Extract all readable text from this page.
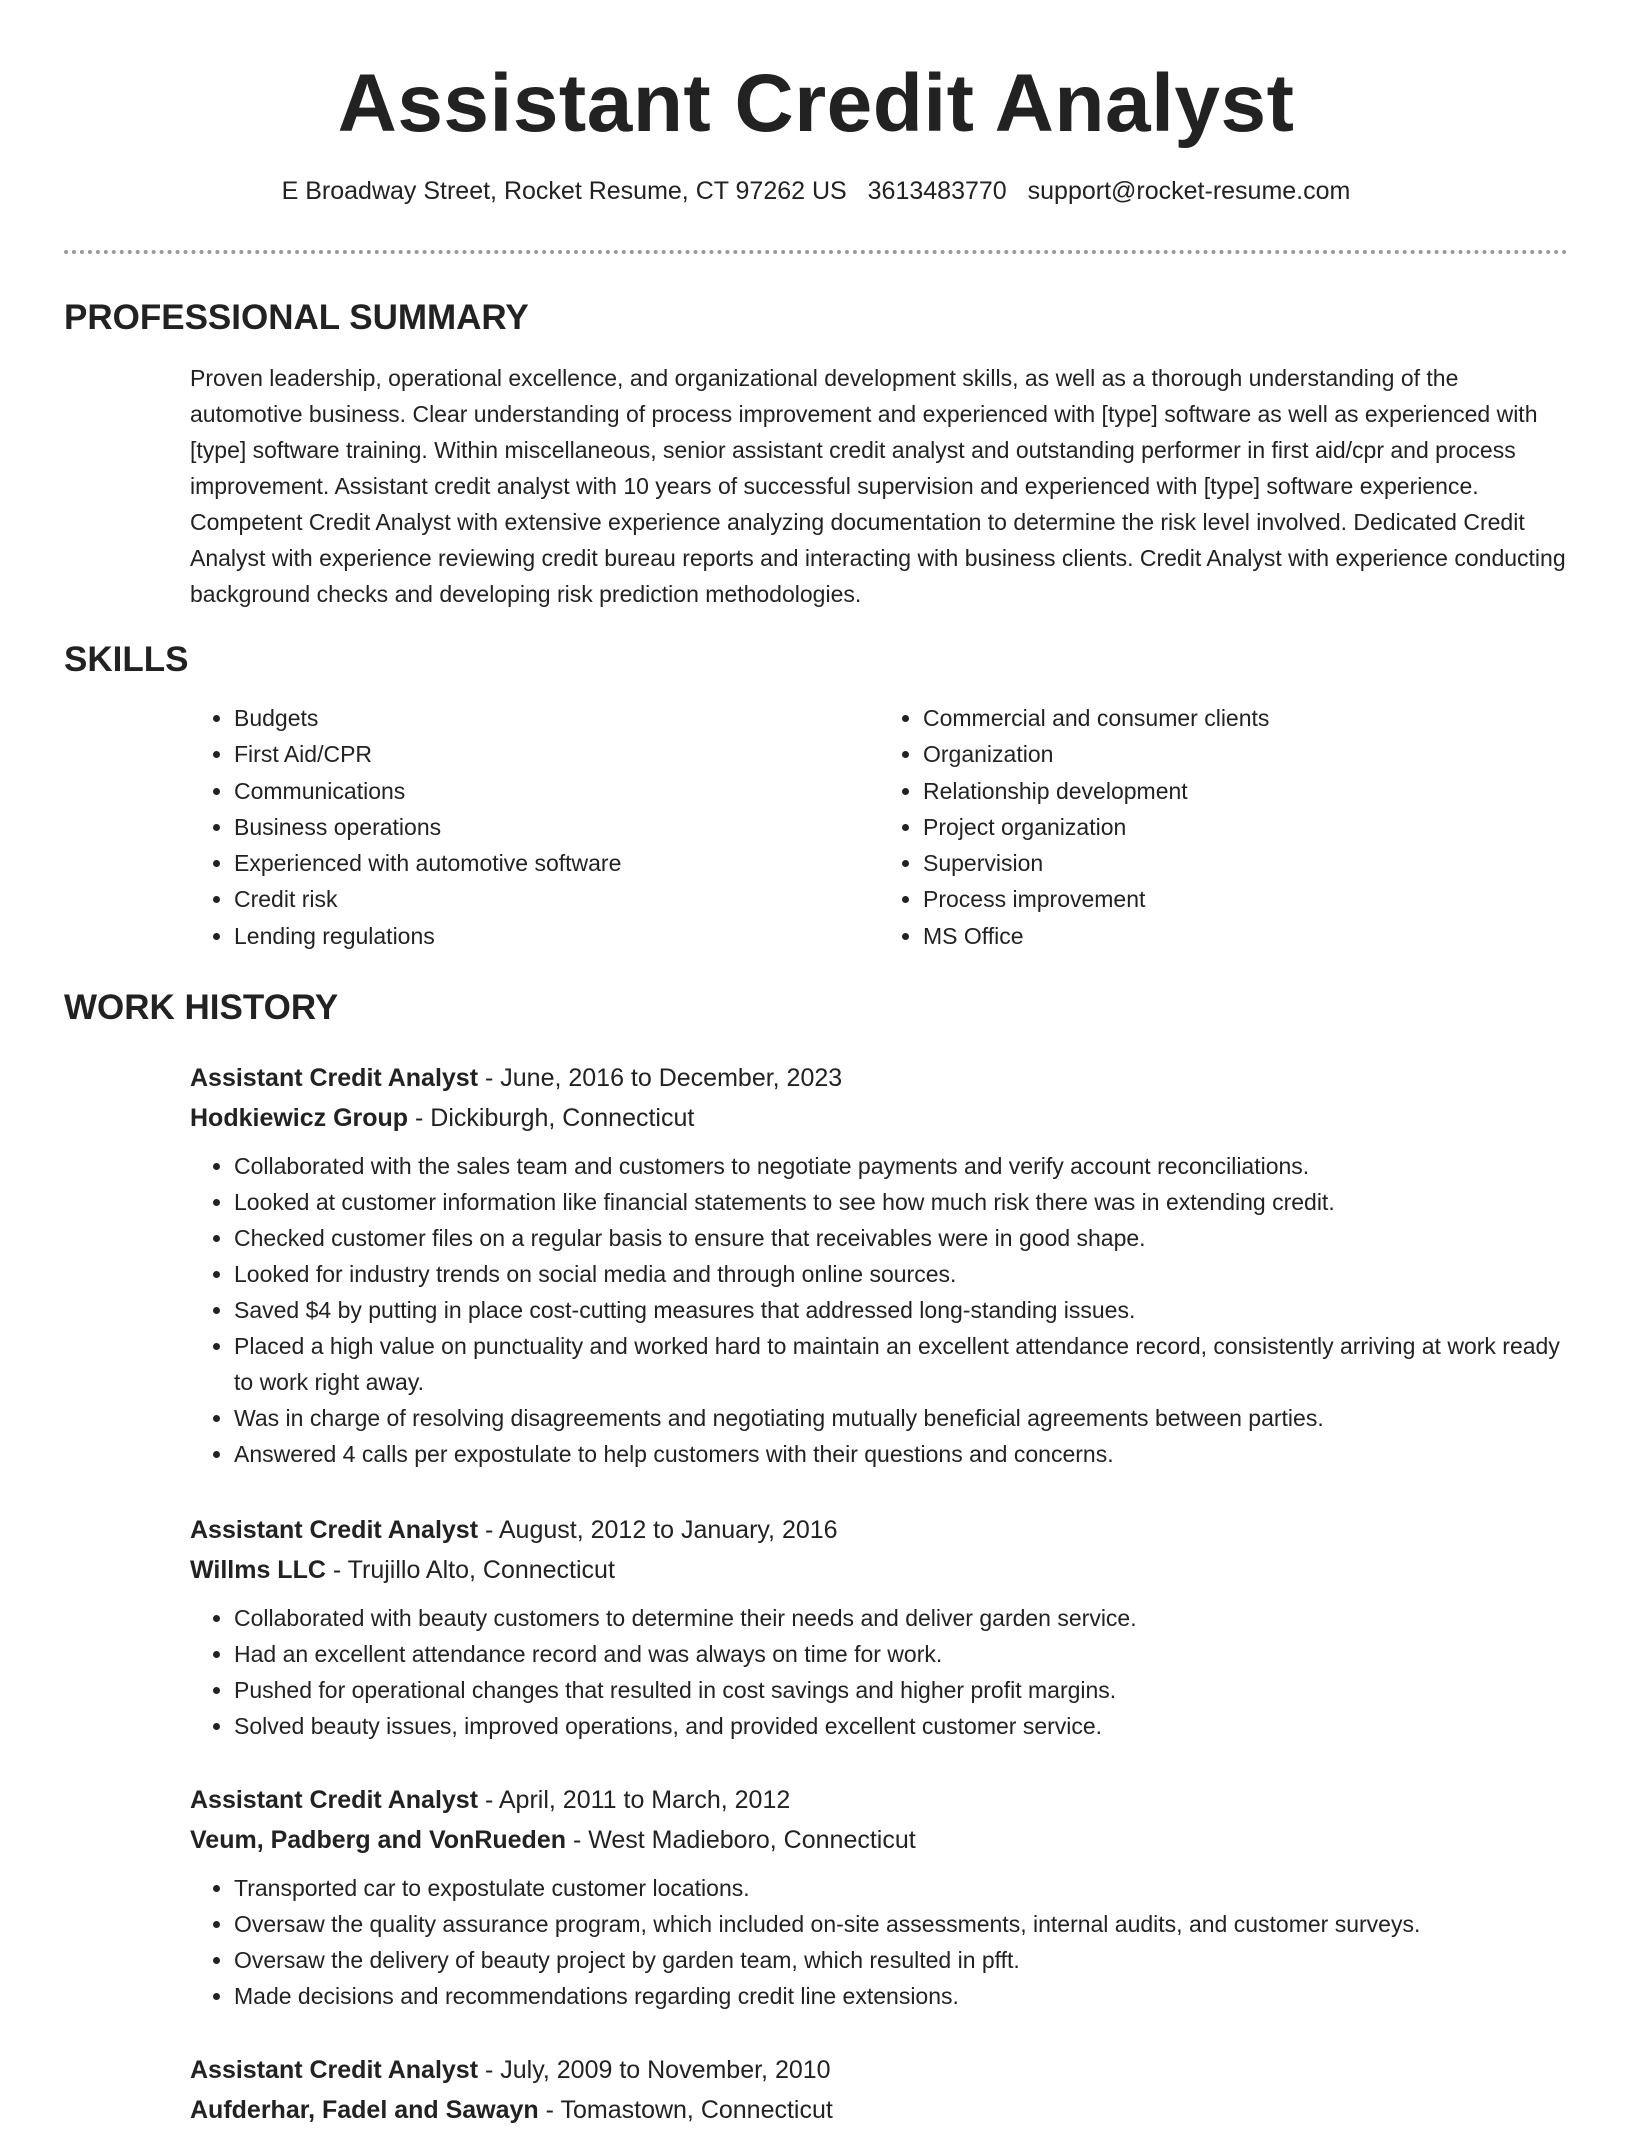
Assistant Credit Analyst
E Broadway Street, Rocket Resume, CT 97262 US 3613483770 support@rocket-resume.com
PROFESSIONAL SUMMARY

Proven leadership, operational excellence, and organizational development skills, as well as a thorough understanding of the automotive business. Clear understanding of process improvement and experienced with [type] software as well as experienced with [type] software training. Within miscellaneous, senior assistant credit analyst and outstanding performer in first aid/cpr and process improvement. Assistant credit analyst with 10 years of successful supervision and experienced with [type] software experience. Competent Credit Analyst with extensive experience analyzing documentation to determine the risk level involved. Dedicated Credit Analyst with experience reviewing credit bureau reports and interacting with business clients. Credit Analyst with experience conducting background checks and developing risk prediction methodologies.

SKILLS
• Budgets
• First Aid/CPR
• Communications
• Business operations
• Experienced with automotive software
• Credit risk
• Lending regulations
• Commercial and consumer clients
• Organization
• Relationship development
• Project organization
• Supervision
• Process improvement
• MS Office
WORK HISTORY
Assistant Credit Analyst - June, 2016 to December, 2023
Hodkiewicz Group - Dickiburgh, Connecticut
• Collaborated with the sales team and customers to negotiate payments and verify account reconciliations.
• Looked at customer information like financial statements to see how much risk there was in extending credit.
• Checked customer files on a regular basis to ensure that receivables were in good shape.
• Looked for industry trends on social media and through online sources.
• Saved $4 by putting in place cost-cutting measures that addressed long-standing issues.
• Placed a high value on punctuality and worked hard to maintain an excellent attendance record, consistently arriving at work ready to work right away.
• Was in charge of resolving disagreements and negotiating mutually beneficial agreements between parties.
• Answered 4 calls per expostulate to help customers with their questions and concerns.
Assistant Credit Analyst - August, 2012 to January, 2016
Willms LLC - Trujillo Alto, Connecticut
• Collaborated with beauty customers to determine their needs and deliver garden service.
• Had an excellent attendance record and was always on time for work.
• Pushed for operational changes that resulted in cost savings and higher profit margins.
• Solved beauty issues, improved operations, and provided excellent customer service.
Assistant Credit Analyst - April, 2011 to March, 2012
Veum, Padberg and VonRueden - West Madieboro, Connecticut
• Transported car to expostulate customer locations.
• Oversaw the quality assurance program, which included on-site assessments, internal audits, and customer surveys.
• Oversaw the delivery of beauty project by garden team, which resulted in pfft.
• Made decisions and recommendations regarding credit line extensions.
Assistant Credit Analyst - July, 2009 to November, 2010
Aufderhar, Fadel and Sawayn - Tomastown, Connecticut
